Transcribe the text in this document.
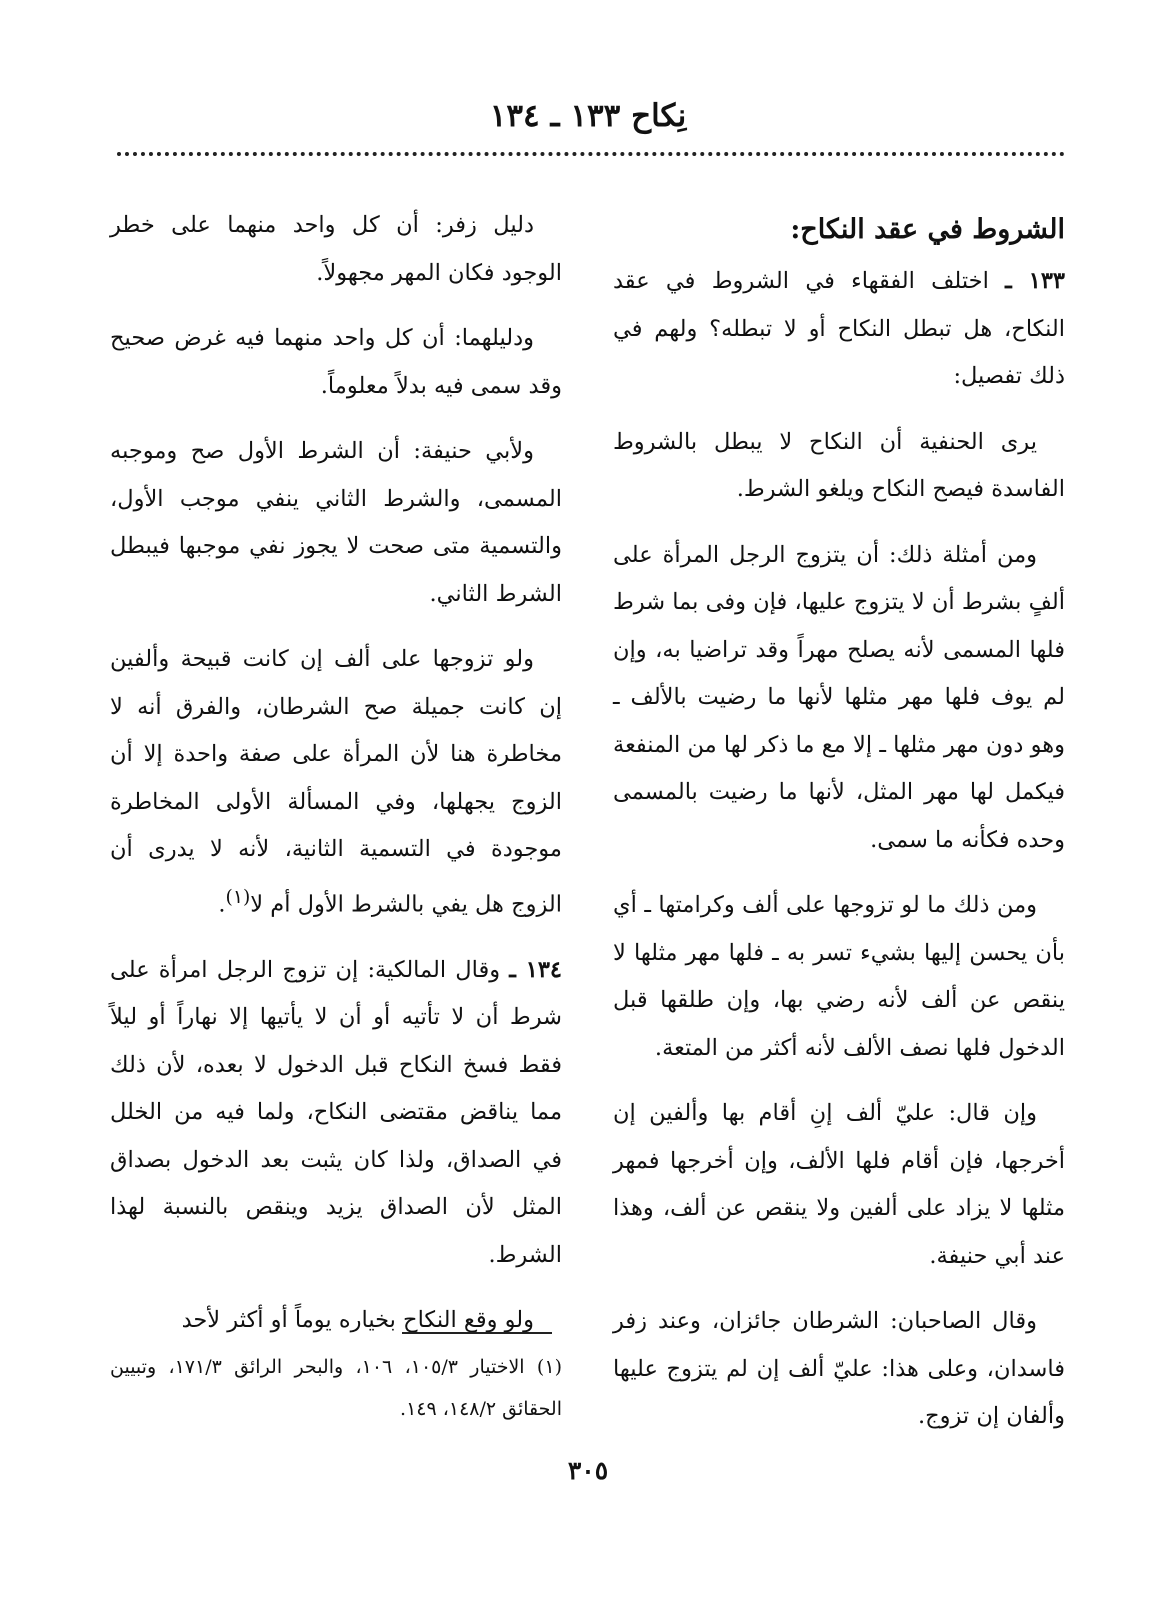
نِكاح ١٣٣ ـ ١٣٤
الشروط في عقد النكاح:

١٣٣ ـ اختلف الفقهاء في الشروط في عقد النكاح، هل تبطل النكاح أو لا تبطله؟ ولهم في ذلك تفصيل:

يرى الحنفية أن النكاح لا يبطل بالشروط الفاسدة فيصح النكاح ويلغو الشرط.

ومن أمثلة ذلك: أن يتزوج الرجل المرأة على ألفٍ بشرط أن لا يتزوج عليها، فإن وفى بما شرط فلها المسمى لأنه يصلح مهراً وقد تراضيا به، وإن لم يوف فلها مهر مثلها لأنها ما رضيت بالألف ـ وهو دون مهر مثلها ـ إلا مع ما ذكر لها من المنفعة فيكمل لها مهر المثل، لأنها ما رضيت بالمسمى وحده فكأنه ما سمى.

ومن ذلك ما لو تزوجها على ألف وكرامتها ـ أي بأن يحسن إليها بشيء تسر به ـ فلها مهر مثلها لا ينقص عن ألف لأنه رضي بها، وإن طلقها قبل الدخول فلها نصف الألف لأنه أكثر من المتعة.

وإن قال: عليّ ألف إنِ أقام بها وألفين إن أخرجها، فإن أقام فلها الألف، وإن أخرجها فمهر مثلها لا يزاد على ألفين ولا ينقص عن ألف، وهذا عند أبي حنيفة.

وقال الصاحبان: الشرطان جائزان، وعند زفر فاسدان، وعلى هذا: عليّ ألف إن لم يتزوج عليها وألفان إن تزوج.

دليل زفر: أن كل واحد منهما على خطر الوجود فكان المهر مجهولاً.

ودليلهما: أن كل واحد منهما فيه غرض صحيح وقد سمى فيه بدلاً معلوماً.

ولأبي حنيفة: أن الشرط الأول صح وموجبه المسمى، والشرط الثاني ينفي موجب الأول، والتسمية متى صحت لا يجوز نفي موجبها فيبطل الشرط الثاني.

ولو تزوجها على ألف إن كانت قبيحة وألفين إن كانت جميلة صح الشرطان، والفرق أنه لا مخاطرة هنا لأن المرأة على صفة واحدة إلا أن الزوج يجهلها، وفي المسألة الأولى المخاطرة موجودة في التسمية الثانية، لأنه لا يدرى أن الزوج هل يفي بالشرط الأول أم لا$^{(١)}$.

١٣٤ ـ وقال المالكية: إن تزوج الرجل امرأة على شرط أن لا تأتيه أو أن لا يأتيها إلا نهاراً أو ليلاً فقط فسخ النكاح قبل الدخول لا بعده، لأن ذلك مما يناقض مقتضى النكاح، ولما فيه من الخلل في الصداق، ولذا كان يثبت بعد الدخول بصداق المثل لأن الصداق يزيد وينقص بالنسبة لهذا الشرط.

ولو وقع النكاح بخياره يوماً أو أكثر لأحد

(١) الاختيار ١٠٥/٣، ١٠٦، والبحر الرائق ١٧١/٣، وتبيين الحقائق ١٤٨/٢، ١٤٩.

٣٠٥
